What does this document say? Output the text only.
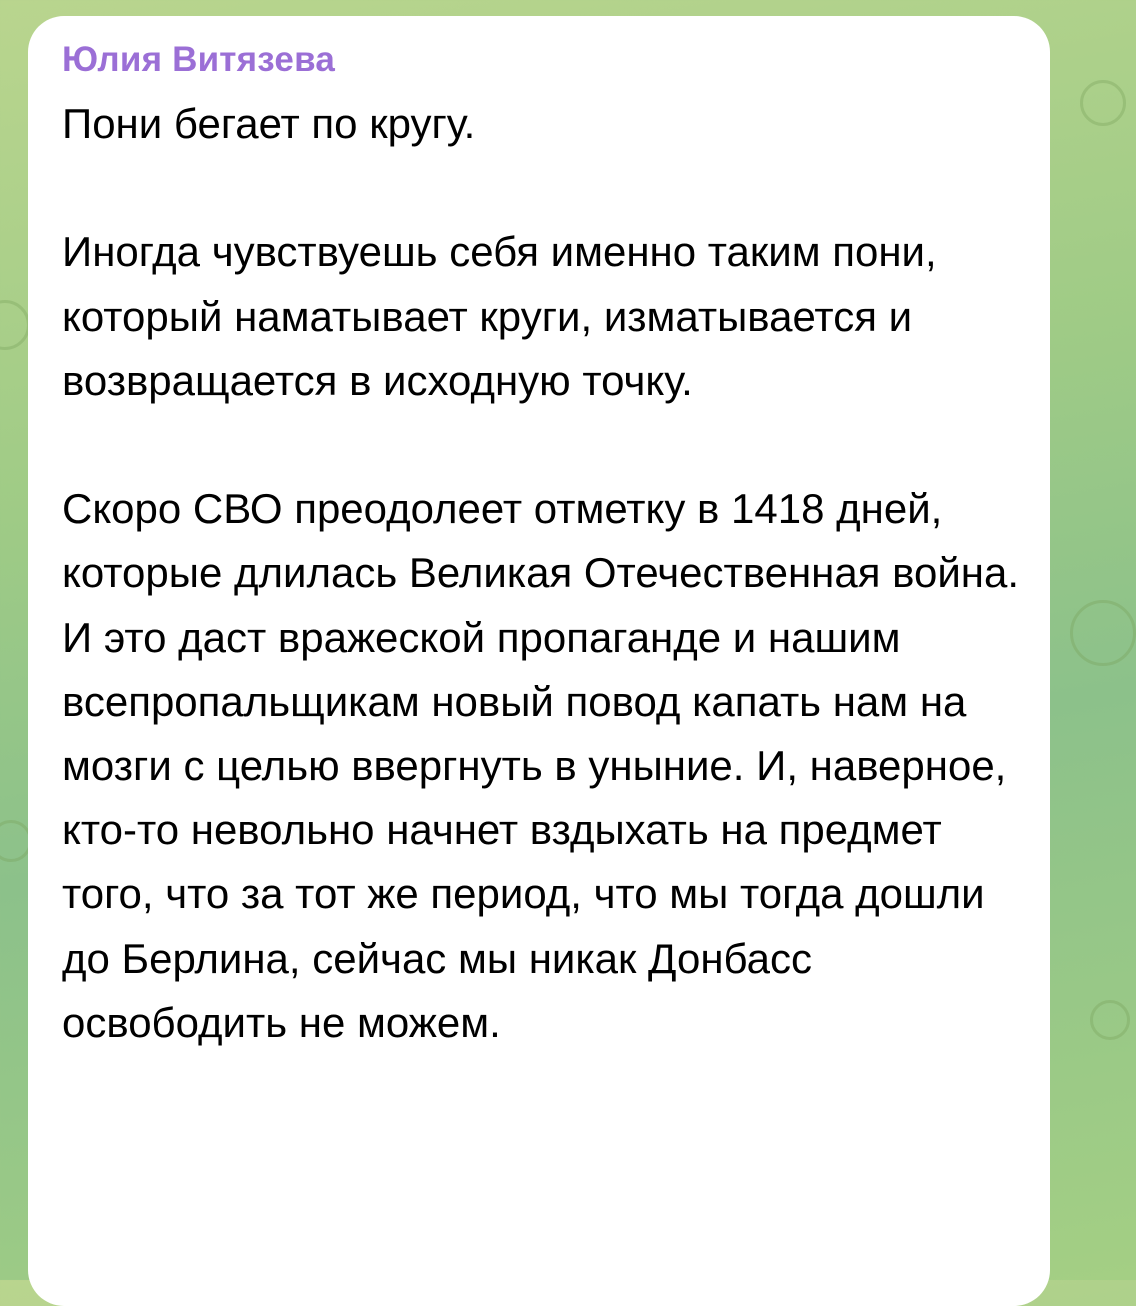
Юлия Витязева

Пони бегает по кругу.

Иногда чувствуешь себя именно таким пони, который наматывает круги, изматывается и возвращается в исходную точку.

Скоро СВО преодолеет отметку в 1418 дней, которые длилась Великая Отечественная война. И это даст вражеской пропаганде и нашим всепропальщикам новый повод капать нам на мозги с целью ввергнуть в уныние. И, наверное, кто-то невольно начнет вздыхать на предмет того, что за тот же период, что мы тогда дошли до Берлина, сейчас мы никак Донбасс освободить не можем.
